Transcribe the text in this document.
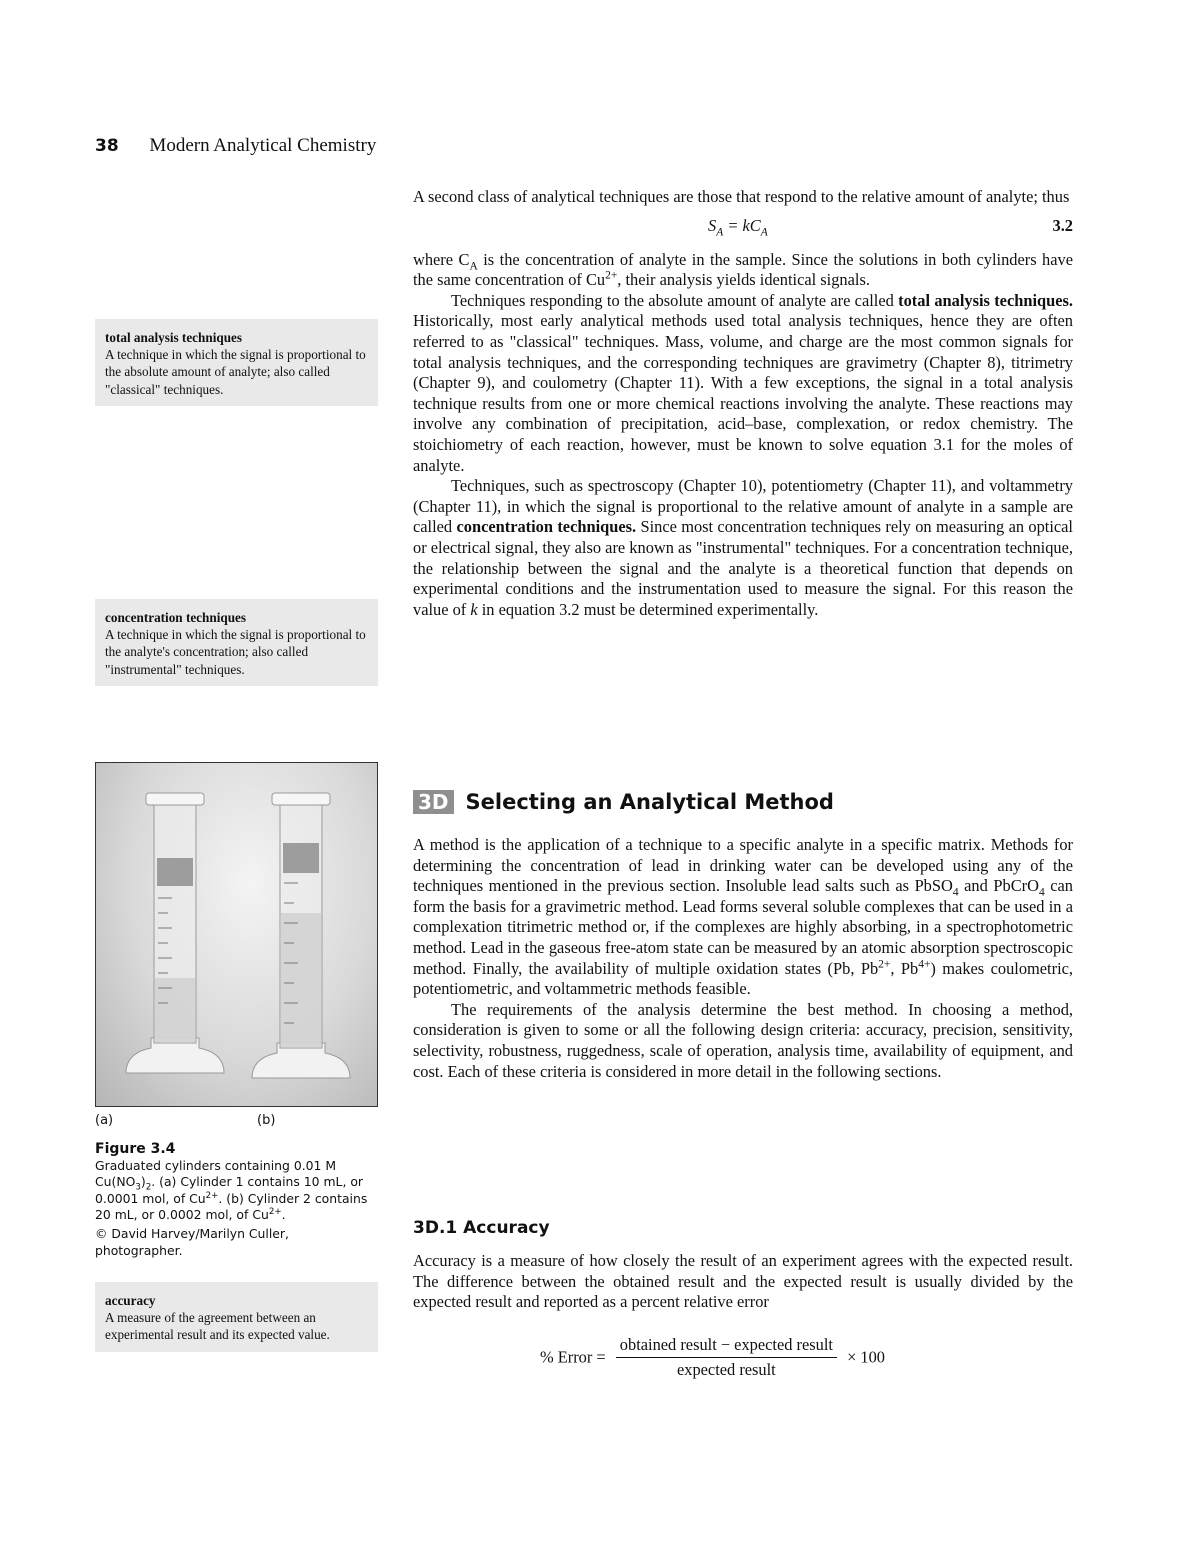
38 Modern Analytical Chemistry

A second class of analytical techniques are those that respond to the relative amount of analyte; thus

$S_A = kC_A$	3.2

where $C_A$ is the concentration of analyte in the sample. Since the solutions in both cylinders have the same concentration of $Cu^{2+}$, their analysis yields identical signals.

Techniques responding to the absolute amount of analyte are called total analysis techniques. Historically, most early analytical methods used total analysis techniques, hence they are often referred to as "classical" techniques. Mass, volume, and charge are the most common signals for total analysis techniques, and the corresponding techniques are gravimetry (Chapter 8), titrimetry (Chapter 9), and coulometry (Chapter 11). With a few exceptions, the signal in a total analysis technique results from one or more chemical reactions involving the analyte. These reactions may involve any combination of precipitation, acid–base, complexation, or redox chemistry. The stoichiometry of each reaction, however, must be known to solve equation 3.1 for the moles of analyte.

Techniques, such as spectroscopy (Chapter 10), potentiometry (Chapter 11), and voltammetry (Chapter 11), in which the signal is proportional to the relative amount of analyte in a sample are called concentration techniques. Since most concentration techniques rely on measuring an optical or electrical signal, they also are known as "instrumental" techniques. For a concentration technique, the relationship between the signal and the analyte is a theoretical function that depends on experimental conditions and the instrumentation used to measure the signal. For this reason the value of k in equation 3.2 must be determined experimentally.

3D Selecting an Analytical Method

A method is the application of a technique to a specific analyte in a specific matrix. Methods for determining the concentration of lead in drinking water can be developed using any of the techniques mentioned in the previous section. Insoluble lead salts such as PbSO$_4$ and PbCrO$_4$ can form the basis for a gravimetric method. Lead forms several soluble complexes that can be used in a complexation titrimetric method or, if the complexes are highly absorbing, in a spectrophotometric method. Lead in the gaseous free-atom state can be measured by an atomic absorption spectroscopic method. Finally, the availability of multiple oxidation states (Pb, $Pb^{2+}$, $Pb^{4+}$) makes coulometric, potentiometric, and voltammetric methods feasible.

The requirements of the analysis determine the best method. In choosing a method, consideration is given to some or all the following design criteria: accuracy, precision, sensitivity, selectivity, robustness, ruggedness, scale of operation, analysis time, availability of equipment, and cost. Each of these criteria is considered in more detail in the following sections.

3D.1 Accuracy

Accuracy is a measure of how closely the result of an experiment agrees with the expected result. The difference between the obtained result and the expected result is usually divided by the expected result and reported as a percent relative error

% Error = $\frac{\text{obtained result − expected result}}{\text{expected result}} \times 100$
total analysis techniques
A technique in which the signal is proportional to the absolute amount of analyte; also called "classical" techniques.
concentration techniques
A technique in which the signal is proportional to the analyte's concentration; also called "instrumental" techniques.
accuracy
A measure of the agreement between an experimental result and its expected value.
(a)	(b)
Figure 3.4
Graduated cylinders containing 0.01 M $Cu(NO_3)_2$. (a) Cylinder 1 contains 10 mL, or 0.0001 mol, of $Cu^{2+}$. (b) Cylinder 2 contains 20 mL, or 0.0002 mol, of $Cu^{2+}$.
© David Harvey/Marilyn Culler, photographer.
